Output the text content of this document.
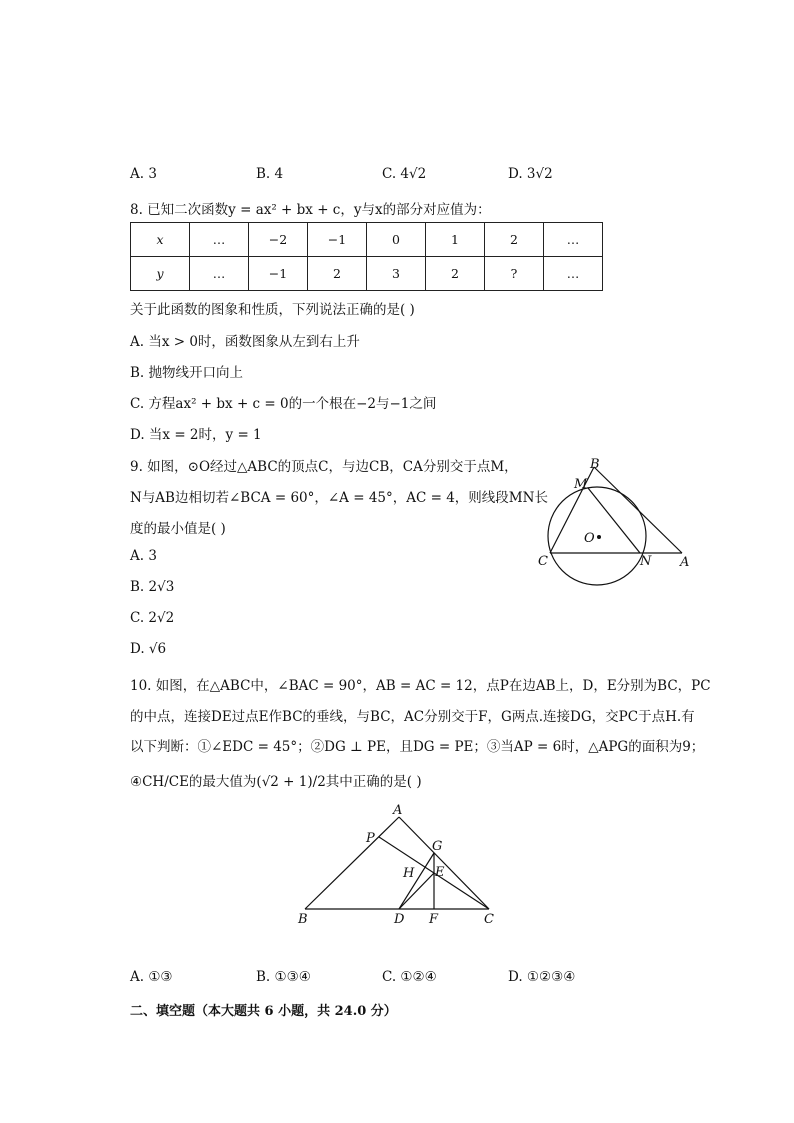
A. 3	B. 4	C. 4√2	D. 3√2
8. 已知二次函数y = ax² + bx + c，y与x的部分对应值为：
x	…	−2	−1	0	1	2	…
y	…	−1	2	3	2	?	…
关于此函数的图象和性质，下列说法正确的是( )
A. 当x > 0时，函数图象从左到右上升
B. 抛物线开口向上
C. 方程ax² + bx + c = 0的一个根在−2与−1之间
D. 当x = 2时，y = 1
9. 如图，⊙O经过△ABC的顶点C，与边CB，CA分别交于点M，
N与AB边相切若∠BCA = 60°，∠A = 45°，AC = 4，则线段MN长
度的最小值是( )
A. 3
B. 2√3
C. 2√2
D. √6
B
M
O
C	N A
10. 如图，在△ABC中，∠BAC = 90°，AB = AC = 12，点P在边AB上，D，E分别为BC，PC
的中点，连接DE过点E作BC的垂线，与BC，AC分别交于F，G两点.连接DG，交PC于点H.有
以下判断：①∠EDC = 45°；②DG ⊥ PE，且DG = PE；③当AP = 6时，△APG的面积为9；
④CH/CE的最大值为(√2 + 1)/2其中正确的是( )
A
P
G
H E
B	D F	C
A. ①③	B. ①③④	C. ①②④	D. ①②③④
二、填空题（本大题共 6 小题，共 24.0 分）
